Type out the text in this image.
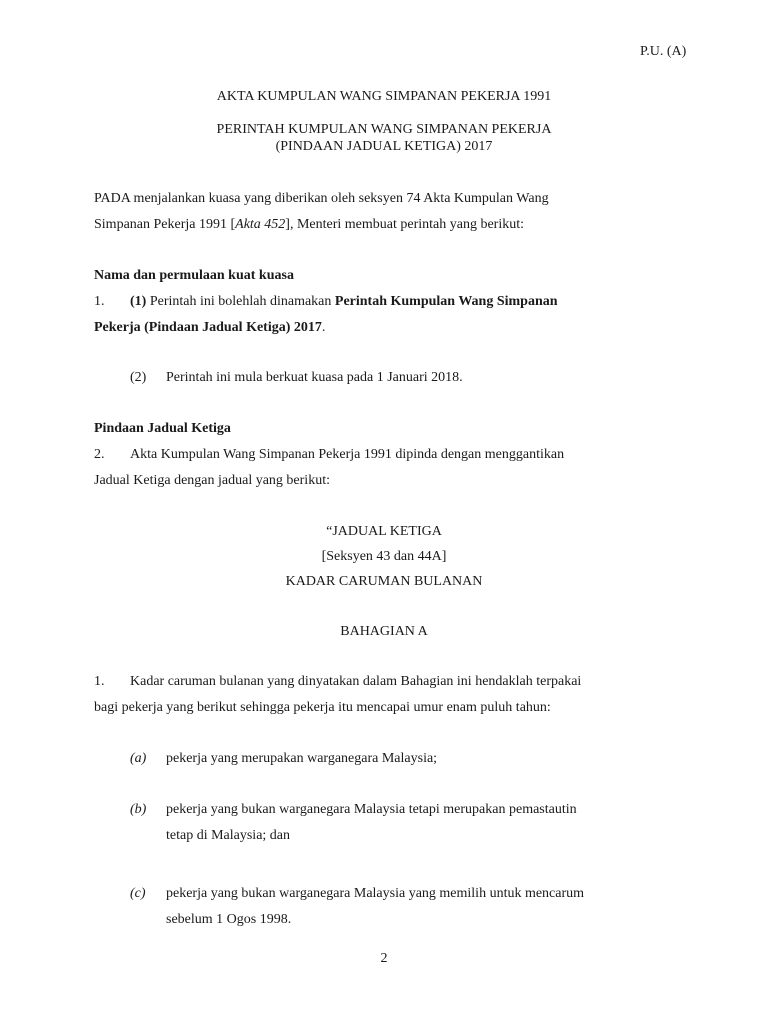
P.U. (A)
AKTA KUMPULAN WANG SIMPANAN PEKERJA 1991
PERINTAH KUMPULAN WANG SIMPANAN PEKERJA
(PINDAAN JADUAL KETIGA) 2017
PADA menjalankan kuasa yang diberikan oleh seksyen 74 Akta Kumpulan Wang
Simpanan Pekerja 1991 [Akta 452], Menteri membuat perintah yang berikut:
Nama dan permulaan kuat kuasa
1. (1) Perintah ini bolehlah dinamakan Perintah Kumpulan Wang Simpanan
Pekerja (Pindaan Jadual Ketiga) 2017.
(2) Perintah ini mula berkuat kuasa pada 1 Januari 2018.
Pindaan Jadual Ketiga
2. Akta Kumpulan Wang Simpanan Pekerja 1991 dipinda dengan menggantikan
Jadual Ketiga dengan jadual yang berikut:
“JADUAL KETIGA
[Seksyen 43 dan 44A]
KADAR CARUMAN BULANAN
BAHAGIAN A
1. Kadar caruman bulanan yang dinyatakan dalam Bahagian ini hendaklah terpakai
bagi pekerja yang berikut sehingga pekerja itu mencapai umur enam puluh tahun:
(a) pekerja yang merupakan warganegara Malaysia;
(b) pekerja yang bukan warganegara Malaysia tetapi merupakan pemastautin
tetap di Malaysia; dan
(c) pekerja yang bukan warganegara Malaysia yang memilih untuk mencarum
sebelum 1 Ogos 1998.
2
